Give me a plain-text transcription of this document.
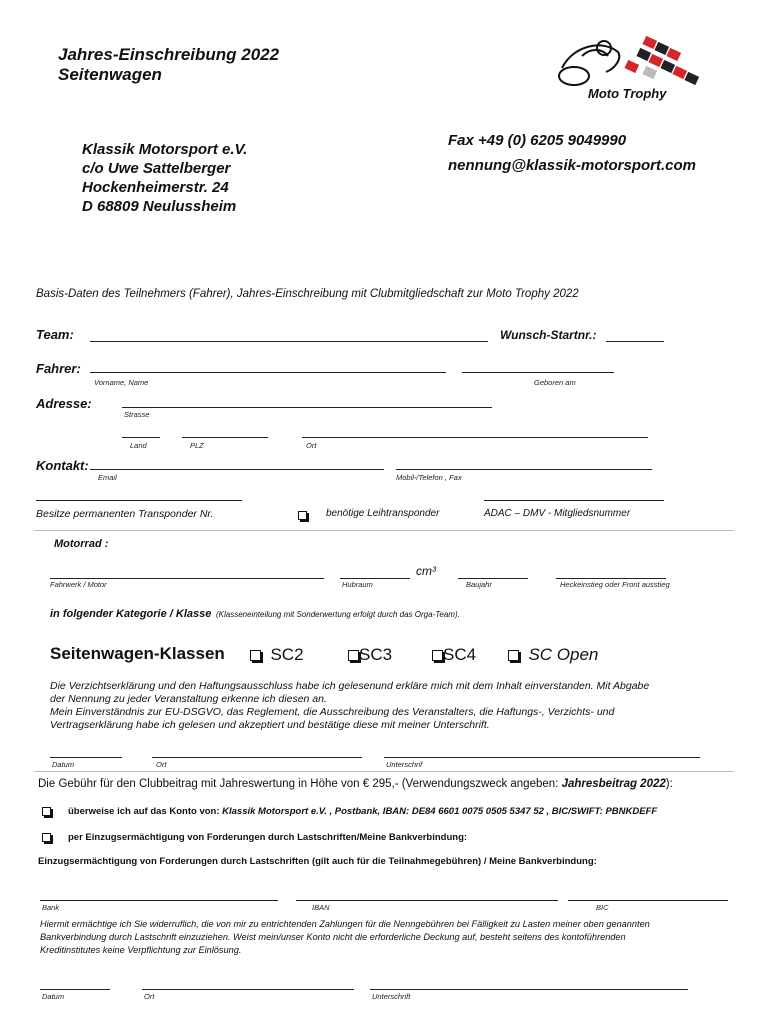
Jahres-Einschreibung 2022
Seitenwagen
Moto Trophy
Klassik Motorsport e.V.
c/o Uwe Sattelberger
Hockenheimerstr. 24
D 68809 Neulussheim
Fax +49 (0) 6205 9049990
nennung@klassik-motorsport.com
Basis-Daten des Teilnehmers (Fahrer), Jahres-Einschreibung mit Clubmitgliedschaft zur Moto Trophy 2022
Team:	Wunsch-Startnr.:
Fahrer:
Vorname, Name	Geboren am
Adresse:
Strasse
Land	PLZ	Ort
Kontakt:
Email	Mobil-/Telefon , Fax
Besitze permanenten Transponder Nr.	benötige Leihtransponder	ADAC – DMV - Mitgliedsnummer
Motorrad :
cm³
Fahrwerk / Motor	Hubraum	Baujahr	Heckeinstieg oder Front ausstieg
in folgender Kategorie / Klasse (Klasseneinteilung mit Sonderwertung erfolgt durch das Orga-Team).
Seitenwagen-Klassen	SC2	SC3	SC4	SC Open
Die Verzichtserklärung und den Haftungsausschluss habe ich gelesenund erkläre mich mit dem Inhalt einverstanden. Mit Abgabe
der Nennung zu jeder Veranstaltung erkenne ich diesen an.
Mein Einverständnis zur EU-DSGVO, das Reglement, die Ausschreibung des Veranstalters, die Haftungs-, Verzichts- und
Vertragserklärung habe ich gelesen und akzeptiert und bestätige diese mit meiner Unterschrift.
Datum	Ort	Unterschrif
Die Gebühr für den Clubbeitrag mit Jahreswertung in Höhe von € 295,- (Verwendungszweck angeben: Jahresbeitrag 2022):
überweise ich auf das Konto von: Klassik Motorsport e.V. , Postbank, IBAN: DE84 6601 0075 0505 5347 52 , BIC/SWIFT: PBNKDEFF
per Einzugsermächtigung von Forderungen durch Lastschriften/Meine Bankverbindung:
Einzugsermächtigung von Forderungen durch Lastschriften (gilt auch für die Teilnahmegebühren) / Meine Bankverbindung:
Bank	IBAN	BIC
Hiermit ermächtige ich Sie widerruflich, die von mir zu entrichtenden Zahlungen für die Nenngebühren bei Fälligkeit zu Lasten meiner oben genannten
Bankverbindung durch Lastschrift einzuziehen. Weist mein/unser Konto nicht die erforderliche Deckung auf, besteht seitens des kontoführenden
Kreditinstitutes keine Verpflichtung zur Einlösung.
Datum	Ort	Unterschrift
